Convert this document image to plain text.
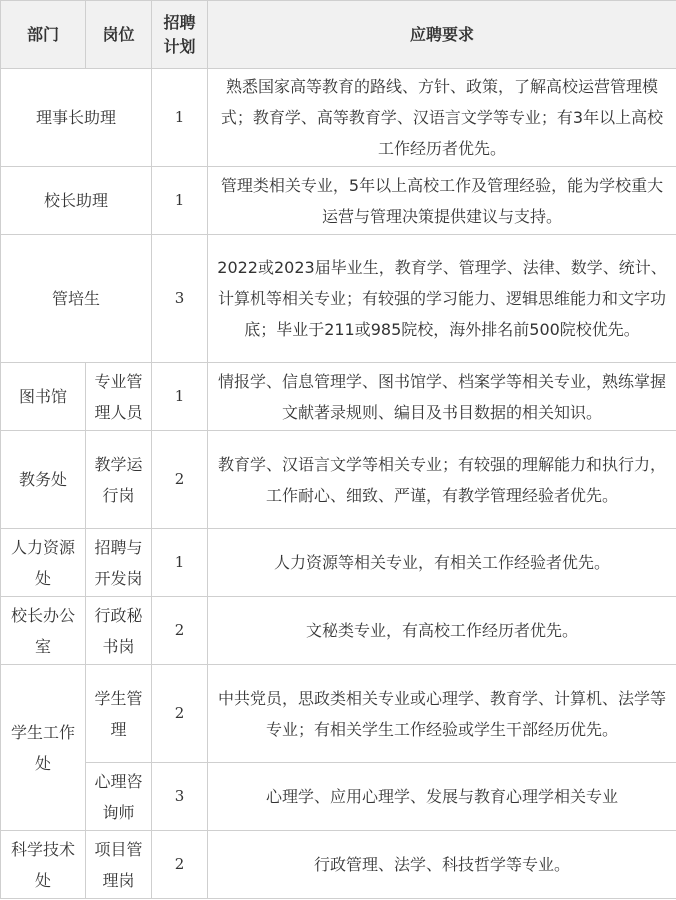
部门	岗位	招聘计划	应聘要求
理事长助理		1	熟悉国家高等教育的路线、方针、政策，了解高校运营管理模式；教育学、高等教育学、汉语言文学等专业；有3年以上高校工作经历者优先。
校长助理		1	管理类相关专业，5年以上高校工作及管理经验，能为学校重大运营与管理决策提供建议与支持。
管培生		3	2022或2023届毕业生，教育学、管理学、法律、数学、统计、计算机等相关专业；有较强的学习能力、逻辑思维能力和文字功底；毕业于211或985院校，海外排名前500院校优先。
图书馆	专业管理人员	1	情报学、信息管理学、图书馆学、档案学等相关专业，熟练掌握文献著录规则、编目及书目数据的相关知识。
教务处	教学运行岗	2	教育学、汉语言文学等相关专业；有较强的理解能力和执行力，工作耐心、细致、严谨，有教学管理经验者优先。
人力资源处	招聘与开发岗	1	人力资源等相关专业，有相关工作经验者优先。
校长办公室	行政秘书岗	2	文秘类专业，有高校工作经历者优先。
学生工作处	学生管理	2	中共党员，思政类相关专业或心理学、教育学、计算机、法学等专业；有相关学生工作经验或学生干部经历优先。
	心理咨询师	3	心理学、应用心理学、发展与教育心理学相关专业
科学技术处	项目管理岗	2	行政管理、法学、科技哲学等专业。
